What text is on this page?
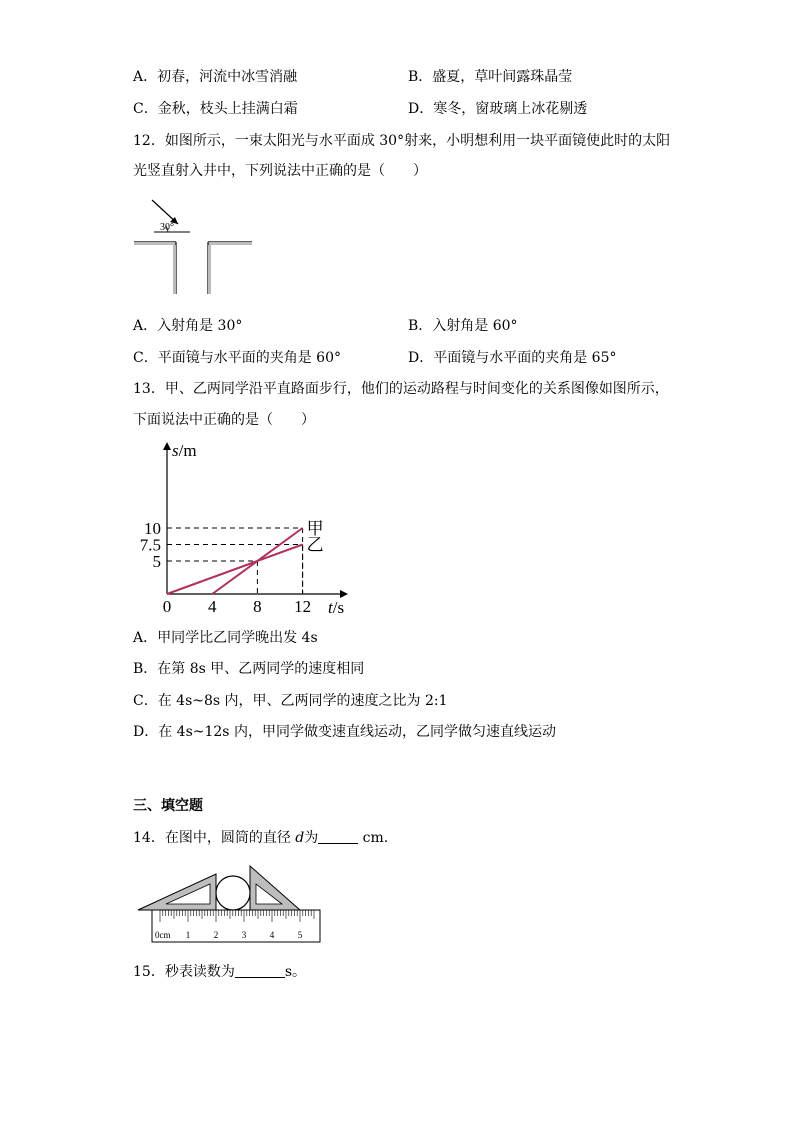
A．初春，河流中冰雪消融	B．盛夏，草叶间露珠晶莹
C．金秋，枝头上挂满白霜	D．寒冬，窗玻璃上冰花剔透
12．如图所示，一束太阳光与水平面成 30°射来，小明想利用一块平面镜使此时的太阳
光竖直射入井中，下列说法中正确的是（　　）
30°
A．入射角是 30°	B．入射角是 60°
C．平面镜与水平面的夹角是 60°	D．平面镜与水平面的夹角是 65°
13．甲、乙两同学沿平直路面步行，他们的运动路程与时间变化的关系图像如图所示，
下面说法中正确的是（　　）
s/m
t/s
甲
乙
0 4 8 12
5
7.5
10
A．甲同学比乙同学晚出发 4s
B．在第 8s 甲、乙两同学的速度相同
C．在 4s~8s 内，甲、乙两同学的速度之比为 2:1
D．在 4s~12s 内，甲同学做变速直线运动，乙同学做匀速直线运动
三、填空题
14．在图中，圆筒的直径 d为	cm.
0cm 1	2	3	4	5
15．秒表读数为	s。
